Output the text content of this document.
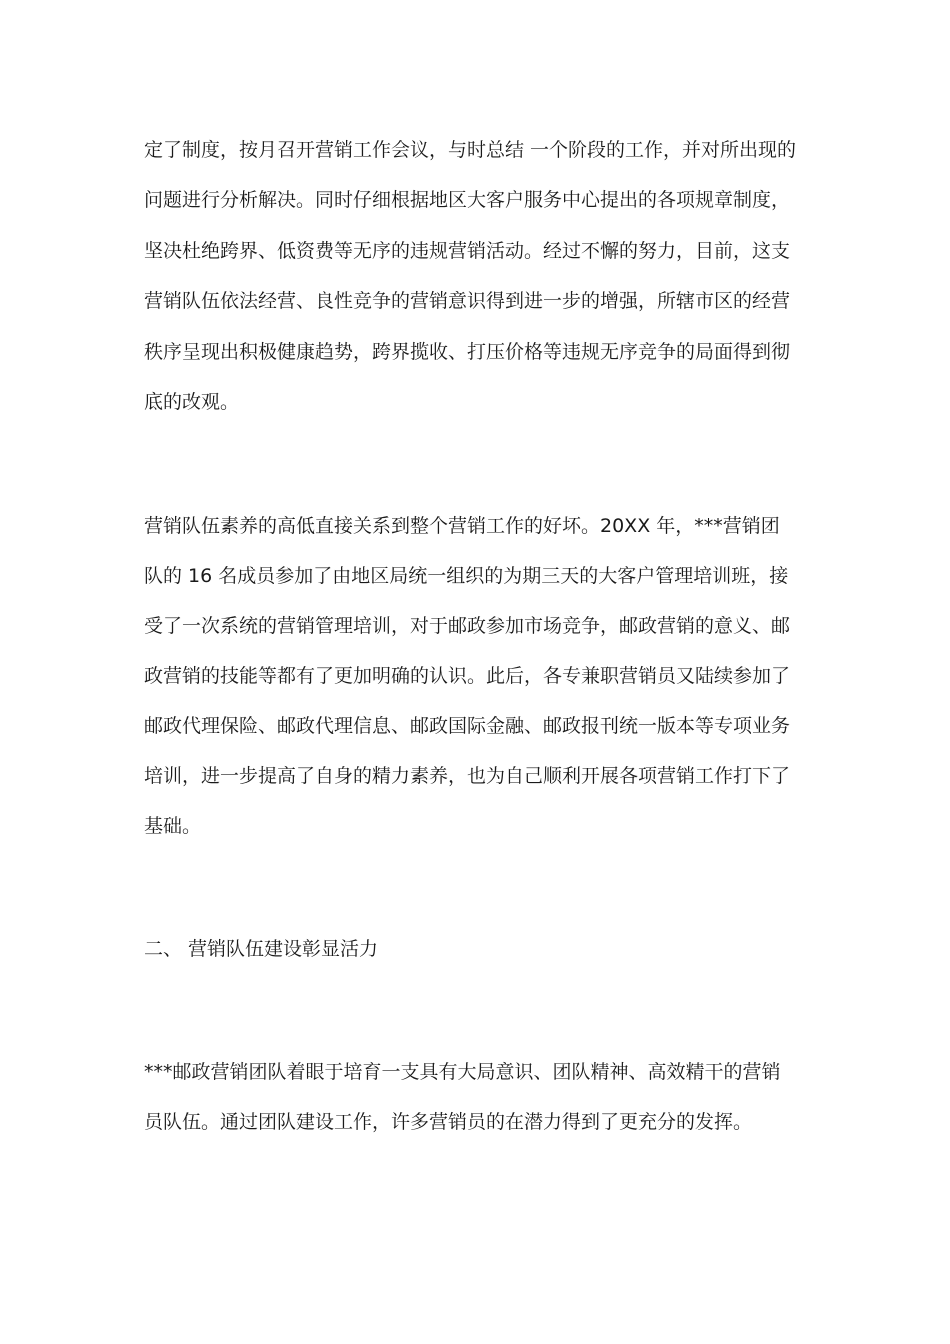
定了制度，按月召开营销工作会议，与时总结 一个阶段的工作，并对所出现的
问题进行分析解决。同时仔细根据地区大客户服务中心提出的各项规章制度，
坚决杜绝跨界、低资费等无序的违规营销活动。经过不懈的努力，目前，这支
营销队伍依法经营、良性竞争的营销意识得到进一步的增强，所辖市区的经营
秩序呈现出积极健康趋势，跨界揽收、打压价格等违规无序竞争的局面得到彻
底的改观。
营销队伍素养的高低直接关系到整个营销工作的好坏。20XX 年，***营销团
队的 16 名成员参加了由地区局统一组织的为期三天的大客户管理培训班，接
受了一次系统的营销管理培训，对于邮政参加市场竞争，邮政营销的意义、邮
政营销的技能等都有了更加明确的认识。此后，各专兼职营销员又陆续参加了
邮政代理保险、邮政代理信息、邮政国际金融、邮政报刊统一版本等专项业务
培训，进一步提高了自身的精力素养，也为自己顺利开展各项营销工作打下了
基础。
二、 营销队伍建设彰显活力
***邮政营销团队着眼于培育一支具有大局意识、团队精神、高效精干的营销
员队伍。通过团队建设工作，许多营销员的在潜力得到了更充分的发挥。
